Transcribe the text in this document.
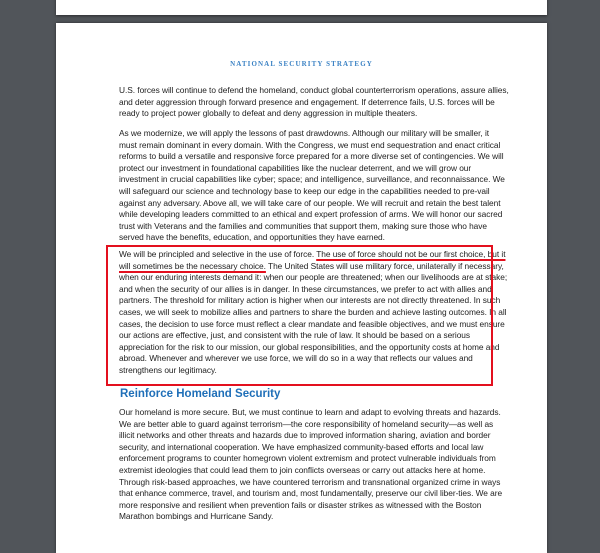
NATIONAL SECURITY STRATEGY
U.S. forces will continue to defend the homeland, conduct global counterterrorism operations, assure allies, and deter aggression through forward presence and engagement. If deterrence fails, U.S. forces will be ready to project power globally to defeat and deny aggression in multiple theaters.
As we modernize, we will apply the lessons of past drawdowns. Although our military will be smaller, it must remain dominant in every domain. With the Congress, we must end sequestration and enact critical reforms to build a versatile and responsive force prepared for a more diverse set of contingencies. We will protect our investment in foundational capabilities like the nuclear deterrent, and we will grow our investment in crucial capabilities like cyber; space; and intelligence, surveillance, and reconnaissance. We will safeguard our science and technology base to keep our edge in the capabilities needed to pre-vail against any adversary. Above all, we will take care of our people. We will recruit and retain the best talent while developing leaders committed to an ethical and expert profession of arms. We will honor our sacred trust with Veterans and the families and communities that support them, making sure those who have served have the benefits, education, and opportunities they have earned.
We will be principled and selective in the use of force. The use of force should not be our first choice, but it will sometimes be the necessary choice. The United States will use military force, unilaterally if necessary, when our enduring interests demand it: when our people are threatened; when our livelihoods are at stake; and when the security of our allies is in danger. In these circumstances, we prefer to act with allies and partners. The threshold for military action is higher when our interests are not directly threatened. In such cases, we will seek to mobilize allies and partners to share the burden and achieve lasting outcomes. In all cases, the decision to use force must reflect a clear mandate and feasible objectives, and we must ensure our actions are effective, just, and consistent with the rule of law. It should be based on a serious appreciation for the risk to our mission, our global responsibilities, and the opportunity costs at home and abroad. Whenever and wherever we use force, we will do so in a way that reflects our values and strengthens our legitimacy.
Reinforce Homeland Security
Our homeland is more secure. But, we must continue to learn and adapt to evolving threats and hazards. We are better able to guard against terrorism—the core responsibility of homeland security—as well as illicit networks and other threats and hazards due to improved information sharing, aviation and border security, and international cooperation. We have emphasized community-based efforts and local law enforcement programs to counter homegrown violent extremism and protect vulnerable individuals from extremist ideologies that could lead them to join conflicts overseas or carry out attacks here at home. Through risk-based approaches, we have countered terrorism and transnational organized crime in ways that enhance commerce, travel, and tourism and, most fundamentally, preserve our civil liber-ties. We are more responsive and resilient when prevention fails or disaster strikes as witnessed with the Boston Marathon bombings and Hurricane Sandy.
